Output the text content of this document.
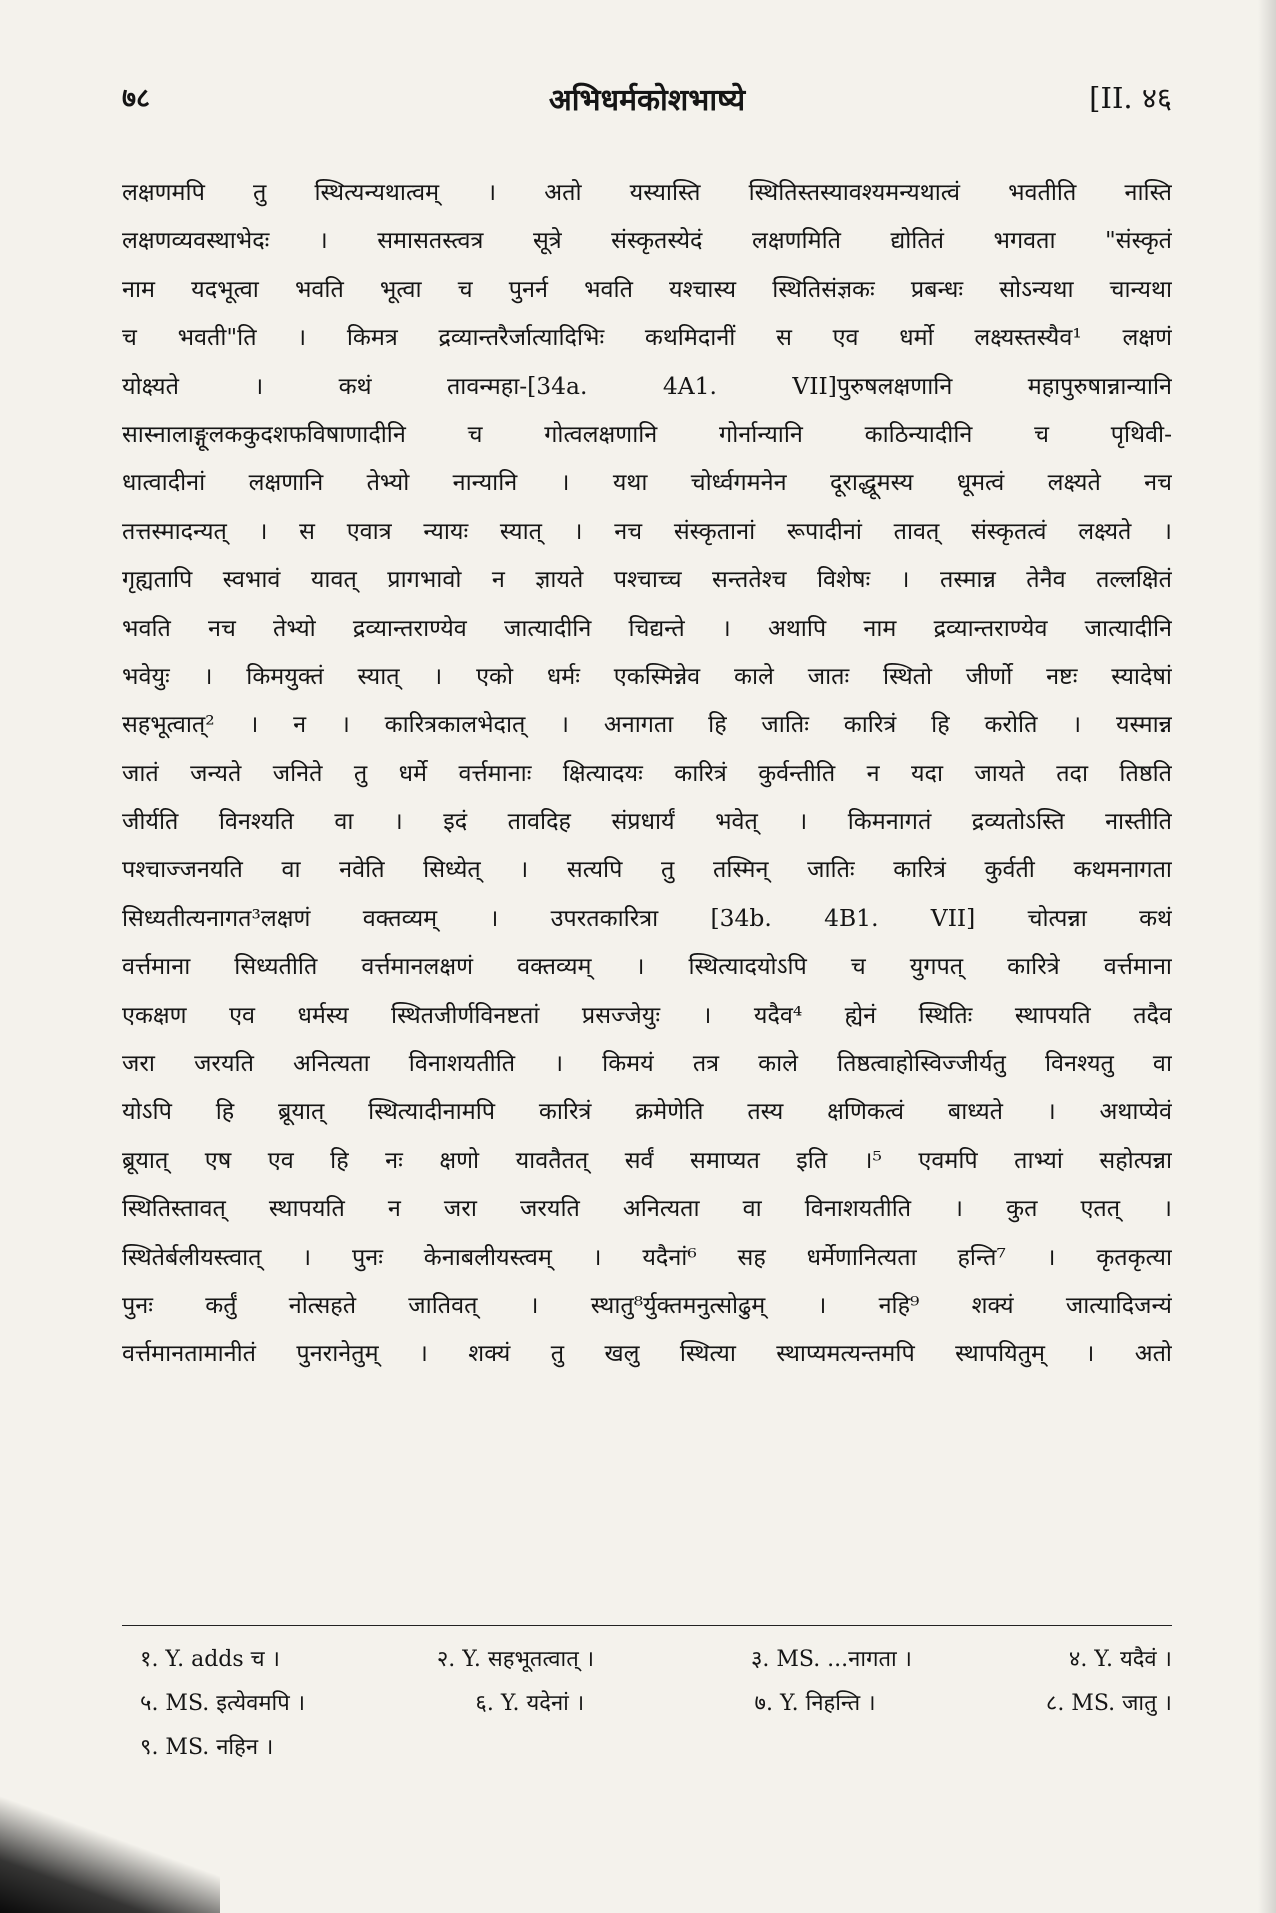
७८	अभिधर्मकोशभाष्ये	[II. ४६
लक्षणमपि तु स्थित्यन्यथात्वम् । अतो यस्यास्ति स्थितिस्तस्यावश्यमन्यथात्वं भवतीति नास्ति
लक्षणव्यवस्थाभेदः । समासतस्त्वत्र सूत्रे संस्कृतस्येदं लक्षणमिति द्योतितं भगवता "संस्कृतं
नाम यदभूत्वा भवति भूत्वा च पुनर्न भवति यश्चास्य स्थितिसंज्ञकः प्रबन्धः सोऽन्यथा चान्यथा
च भवती"ति । किमत्र द्रव्यान्तरैर्जात्यादिभिः कथमिदानीं स एव धर्मो लक्ष्यस्तस्यैव¹ लक्षणं
योक्ष्यते । कथं तावन्महा-[34a. 4A1. VII]पुरुषलक्षणानि महापुरुषान्नान्यानि
सास्नालाङ्गूलककुदशफविषाणादीनि च गोत्वलक्षणानि गोर्नान्यानि काठिन्यादीनि च पृथिवी-
धात्वादीनां लक्षणानि तेभ्यो नान्यानि । यथा चोर्ध्वगमनेन दूराद्धूमस्य धूमत्वं लक्ष्यते नच
तत्तस्मादन्यत् । स एवात्र न्यायः स्यात् । नच संस्कृतानां रूपादीनां तावत् संस्कृतत्वं लक्ष्यते ।
गृह्यतापि स्वभावं यावत् प्रागभावो न ज्ञायते पश्चाच्च सन्ततेश्च विशेषः । तस्मान्न तेनैव तल्लक्षितं
भवति नच तेभ्यो द्रव्यान्तराण्येव जात्यादीनि चिद्यन्ते । अथापि नाम द्रव्यान्तराण्येव जात्यादीनि
भवेयुः । किमयुक्तं स्यात् । एको धर्मः एकस्मिन्नेव काले जातः स्थितो जीर्णो नष्टः स्यादेषां
सहभूत्वात्² । न । कारित्रकालभेदात् । अनागता हि जातिः कारित्रं हि करोति । यस्मान्न
जातं जन्यते जनिते तु धर्मे वर्त्तमानाः क्षित्यादयः कारित्रं कुर्वन्तीति न यदा जायते तदा तिष्ठति
जीर्यति विनश्यति वा । इदं तावदिह संप्रधार्यं भवेत् । किमनागतं द्रव्यतोऽस्ति नास्तीति
पश्चाज्जनयति वा नवेति सिध्येत् । सत्यपि तु तस्मिन् जातिः कारित्रं कुर्वती कथमनागता
सिध्यतीत्यनागत³लक्षणं वक्तव्यम् । उपरतकारित्रा [34b. 4B1. VII] चोत्पन्ना कथं
वर्त्तमाना सिध्यतीति वर्त्तमानलक्षणं वक्तव्यम् । स्थित्यादयोऽपि च युगपत् कारित्रे वर्त्तमाना
एकक्षण एव धर्मस्य स्थितजीर्णविनष्टतां प्रसज्जेयुः । यदैव⁴ ह्येनं स्थितिः स्थापयति तदैव
जरा जरयति अनित्यता विनाशयतीति । किमयं तत्र काले तिष्ठत्वाहोस्विज्जीर्यतु विनश्यतु वा
योऽपि हि ब्रूयात् स्थित्यादीनामपि कारित्रं क्रमेणेति तस्य क्षणिकत्वं बाध्यते । अथाप्येवं
ब्रूयात् एष एव हि नः क्षणो यावतैतत् सर्वं समाप्यत इति ।⁵ एवमपि ताभ्यां सहोत्पन्ना
स्थितिस्तावत् स्थापयति न जरा जरयति अनित्यता वा विनाशयतीति । कुत एतत् ।
स्थितेर्बलीयस्त्वात् । पुनः केनाबलीयस्त्वम् । यदैनां⁶ सह धर्मेणानित्यता हन्ति⁷ । कृतकृत्या
पुनः कर्तुं नोत्सहते जातिवत् । स्थातु⁸र्युक्तमनुत्सोढुम् । नहि⁹ शक्यं जात्यादिजन्यं
वर्त्तमानतामानीतं पुनरानेतुम् । शक्यं तु खलु स्थित्या स्थाप्यमत्यन्तमपि स्थापयितुम् । अतो
१. Y. adds च ।	२. Y. सहभूतत्वात् ।	३. MS. ...नागता ।	४. Y. यदैवं ।
५. MS. इत्येवमपि ।	६. Y. यदेनां ।	७. Y. निहन्ति ।	८. MS. जातु ।
९. MS. नहिन ।
